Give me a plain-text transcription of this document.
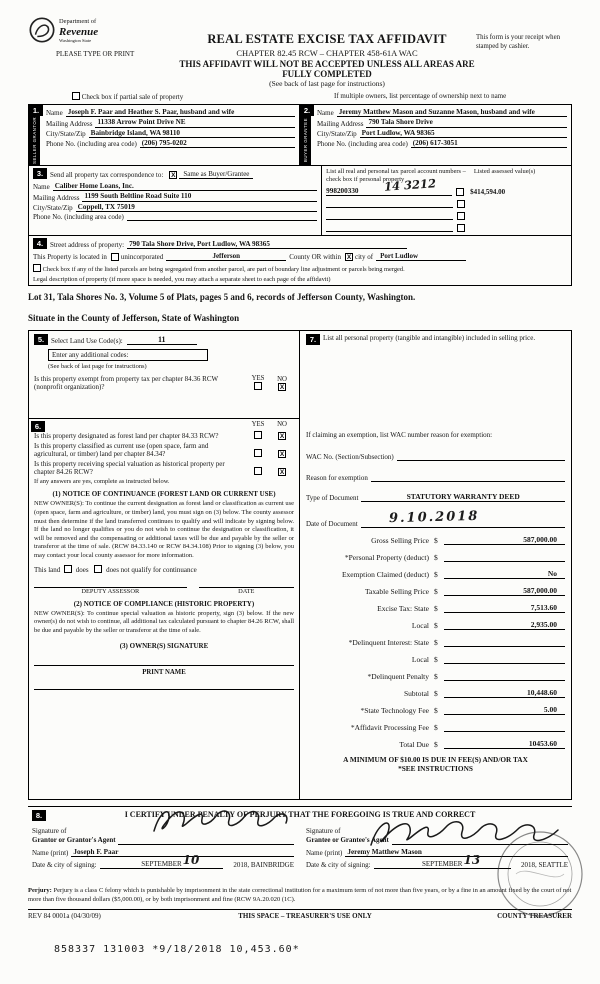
Department of
Revenue
Washington State
PLEASE TYPE OR PRINT
REAL ESTATE EXCISE TAX AFFIDAVIT
CHAPTER 82.45 RCW – CHAPTER 458-61A WAC
THIS AFFIDAVIT WILL NOT BE ACCEPTED UNLESS ALL AREAS ARE FULLY COMPLETED
(See back of last page for instructions)
This form is your receipt when stamped by cashier.
Check box if partial sale of property	If multiple owners, list percentage of ownership next to name
1.
SELLER GRANTOR
Name Joseph F. Paar and Heather S. Paar, husband and wife
Mailing Address 11338 Arrow Point Drive NE
City/State/Zip Bainbridge Island, WA 98110
Phone No. (including area code) (206) 795-0202
2.
BUYER GRANTEE
Name Jeremy Matthew Mason and Suzanne Mason, husband and wife
Mailing Address 790 Tala Shore Drive
City/State/Zip Port Ludlow, WA 98365
Phone No. (including area code) (206) 617-3051
3. Send all property tax correspondence to: X	Same as Buyer/Grantee
Name Caliber Home Loans, Inc.
Mailing Address 1199 South Beltline Road Suite 110
City/State/Zip Coppell, TX 75019
Phone No. (including area code)
List all real and personal tax parcel account numbers – check box if personal property
Listed assessed value(s)
998200330 14 3212	$414,594.00
4. Street address of property: 790 Tala Shore Drive, Port Ludlow, WA 98365
This Property is located in unincorporated	Jefferson	County OR within X city of	Port Ludlow
Check box if any of the listed parcels are being segregated from another parcel, are part of boundary line adjustment or parcels being merged.
Legal description of property (if more space is needed, you may attach a separate sheet to each page of the affidavit)
Lot 31, Tala Shores No. 3, Volume 5 of Plats, pages 5 and 6, records of Jefferson County, Washington.
Situate in the County of Jefferson, State of Washington
5. Select Land Use Code(s):	11
Enter any additional codes:
(See back of last page for instructions)
Is this property exempt from property tax per chapter 84.36 RCW (nonprofit organization)?
YES	NO
X
6.	YES	NO
Is this property designated as forest land per chapter 84.33 RCW?	X
Is this property classified as current use (open space, farm and agricultural, or timber) land per chapter 84.34?	X
Is this property receiving special valuation as historical property per chapter 84.26 RCW?	X
If any answers are yes, complete as instructed below.
(1) NOTICE OF CONTINUANCE (FOREST LAND OR CURRENT USE)
NEW OWNER(S): To continue the current designation as forest land or classification as current use (open space, farm and agriculture, or timber) land, you must sign on (3) below. The county assessor must then determine if the land transferred continues to qualify and will indicate by signing below. If the land no longer qualifies or you do not wish to continue the designation or classification, it will be removed and the compensating or additional taxes will be due and payable by the seller or transferor at the time of sale. (RCW 84.33.140 or RCW 84.34.108) Prior to signing (3) below, you may contact your local county assessor for more information.
This land does	does not qualify for continuance
DEPUTY ASSESSOR	DATE
(2) NOTICE OF COMPLIANCE (HISTORIC PROPERTY)
NEW OWNER(S): To continue special valuation as historic property, sign (3) below. If the new owner(s) do not wish to continue, all additional tax calculated pursuant to chapter 84.26 RCW, shall be due and payable by the seller or transferor at the time of sale.
(3) OWNER(S) SIGNATURE
PRINT NAME
7. List all personal property (tangible and intangible) included in selling price.
If claiming an exemption, list WAC number reason for exemption:
WAC No. (Section/Subsection)
Reason for exemption
Type of Document	STATUTORY WARRANTY DEED
Date of Document 9.10.2018
Gross Selling Price $	587,000.00
*Personal Property (deduct) $
Exemption Claimed (deduct) $	No
Taxable Selling Price $	587,000.00
Excise Tax: State $	7,513.60
Local $	2,935.00
*Delinquent Interest: State $
Local $
*Delinquent Penalty $
Subtotal $	10,448.60
*State Technology Fee $	5.00
*Affidavit Processing Fee $
Total Due $	10453.60
A MINIMUM OF $10.00 IS DUE IN FEE(S) AND/OR TAX
*SEE INSTRUCTIONS
8.	I CERTIFY UNDER PENALTY OF PERJURY THAT THE FOREGOING IS TRUE AND CORRECT
Signature of
Grantor or Grantor's Agent
Name (print) Joseph F. Paar
Date & city of signing:	SEPTEMBER 10	2018, BAINBRIDGE
Signature of
Grantee or Grantee's Agent
Name (print) Jeremy Matthew Mason
Date & city of signing:	SEPTEMBER 13	2018, SEATTLE
Perjury: Perjury is a class C felony which is punishable by imprisonment in the state correctional institution for a maximum term of not more than five years, or by a fine in an amount fixed by the court of not more than five thousand dollars ($5,000.00), or by both imprisonment and fine (RCW 9A.20.020 (1C).
REV 84 0001a (04/30/09)	THIS SPACE – TREASURER'S USE ONLY	COUNTY TREASURER
858337 131003 *9/18/2018 10,453.60*
